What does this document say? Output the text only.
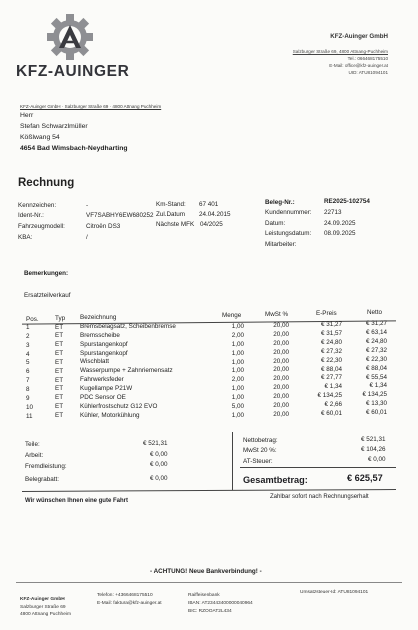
KFZ-AUINGER
KFZ-Auinger GmbH
Salzburger Straße 69, 4800 Attnang-Puchheim
Tel.: 066468175510
E-Mail: office@kfz-auinger.at
UID: ATU81094101
KFZ-Auinger GmbH · Salzburger Straße 69 · 4800 Attnang Puchheim
Herr
Stefan Schwarzlmüller
Kößlwang 54
4654 Bad Wimsbach-Neydharting
Rechnung
Kennzeichen:	-
Ident-Nr.:	VF7SABHY6EW680252
Fahrzeugmodell:	Citroën DS3
KBA:	/
Km-Stand: 67 401
Zul.Datum 24.04.2015
Nächste MFK 04/2025
Beleg-Nr.:	RE2025-102754
Kundennummer: 22713
Datum:	24.09.2025
Leistungsdatum: 08.09.2025
Mitarbeiter:
Bemerkungen:
Ersatzteilverkauf
Pos.	Typ Bezeichnung	Menge	MwSt %	E-Preis	Netto
1	ET	Bremsbelagsatz, Scheibenbremse	1,00	20,00	€ 31,27	€ 31,27
2	ET	Bremsscheibe	2,00	20,00	€ 31,57	€ 63,14
3	ET	Spurstangenkopf	1,00	20,00	€ 24,80	€ 24,80
4	ET	Spurstangenkopf	1,00	20,00	€ 27,32	€ 27,32
5	ET	Wischblatt	1,00	20,00	€ 22,30	€ 22,30
6	ET	Wasserpumpe + Zahnriemensatz	1,00	20,00	€ 88,04	€ 88,04
7	ET	Fahrwerksfeder	2,00	20,00	€ 27,77	€ 55,54
8	ET	Kugellampe P21W	1,00	20,00	€ 1,34	€ 1,34
9	ET	PDC Sensor OE	1,00	20,00	€ 134,25	€ 134,25
10	ET	Kühlerfrostschutz G12 EVO	5,00	20,00	€ 2,66	€ 13,30
11	ET	Kühler, Motorkühlung	1,00	20,00	€ 60,01	€ 60,01
Teile:	€ 521,31
Arbeit:	€ 0,00
Fremdleistung:	€ 0,00
Belegrabatt:	€ 0,00
Nettobetrag:	€ 521,31
MwSt 20 %:	€ 104,26
AT-Steuer:	€ 0,00
Gesamtbetrag:	€ 625,57
Wir wünschen Ihnen eine gute Fahrt
Zahlbar sofort nach Rechnungserhalt
- ACHTUNG! Neue Bankverbindung! -
KFZ-Auinger GmbH
Salzburger Straße 69
4800 Attnang Puchheim
Telefon: +4366468175510
E-Mail: faktura@kfz-auinger.at
Raiffeisenbank
IBAN: AT23443400000040964
BIC: RZOOAT2L434
Umsatzsteuer-Id: ATU81094101
